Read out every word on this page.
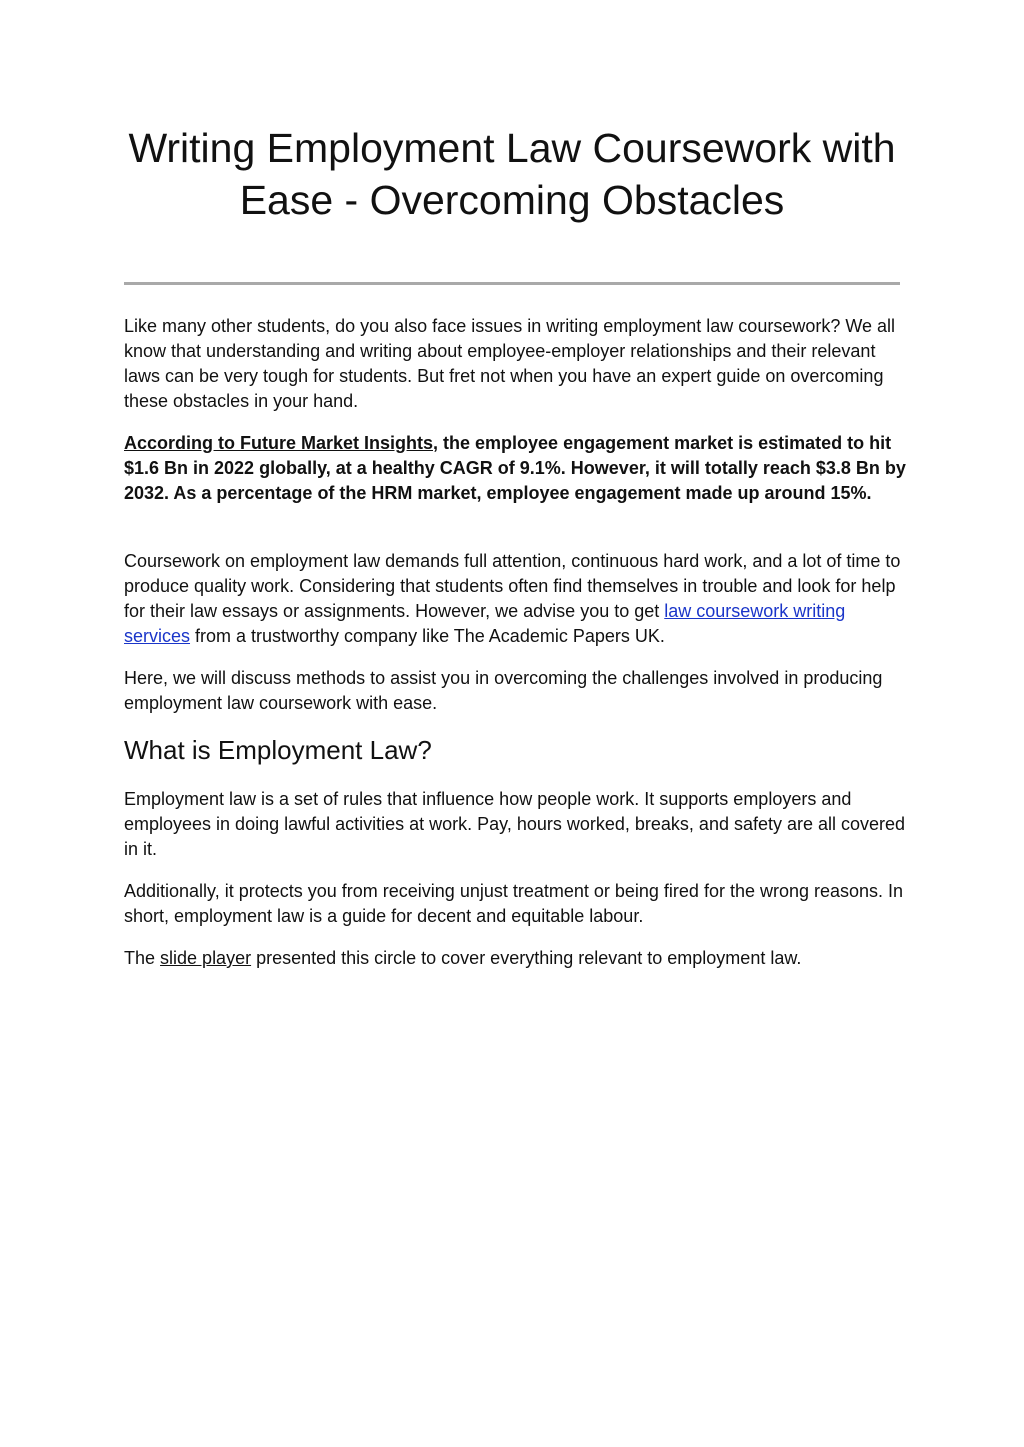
Writing Employment Law Coursework with
Ease - Overcoming Obstacles

Like many other students, do you also face issues in writing employment law coursework? We all know that understanding and writing about employee-employer relationships and their relevant laws can be very tough for students. But fret not when you have an expert guide on overcoming these obstacles in your hand.

According to Future Market Insights, the employee engagement market is estimated to hit $1.6 Bn in 2022 globally, at a healthy CAGR of 9.1%. However, it will totally reach $3.8 Bn by 2032. As a percentage of the HRM market, employee engagement made up around 15%.

Coursework on employment law demands full attention, continuous hard work, and a lot of time to produce quality work. Considering that students often find themselves in trouble and look for help for their law essays or assignments. However, we advise you to get law coursework writing services from a trustworthy company like The Academic Papers UK.

Here, we will discuss methods to assist you in overcoming the challenges involved in producing employment law coursework with ease.

What is Employment Law?

Employment law is a set of rules that influence how people work. It supports employers and employees in doing lawful activities at work. Pay, hours worked, breaks, and safety are all covered in it.

Additionally, it protects you from receiving unjust treatment or being fired for the wrong reasons. In short, employment law is a guide for decent and equitable labour.

The slide player presented this circle to cover everything relevant to employment law.
